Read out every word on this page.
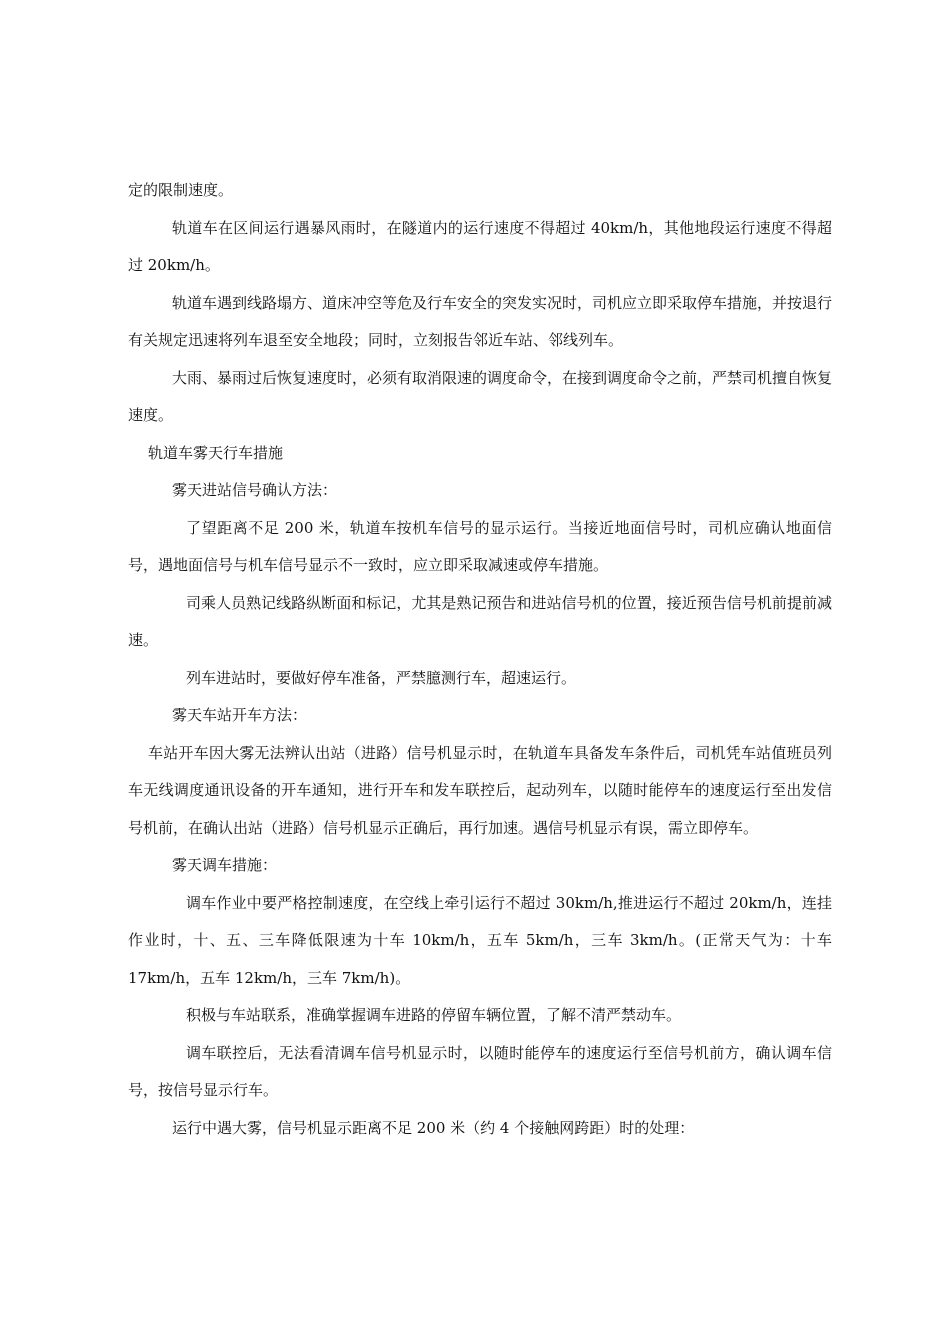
定的限制速度。

轨道车在区间运行遇暴风雨时，在隧道内的运行速度不得超过 40km/h，其他地段运行速度不得超过 20km/h。

轨道车遇到线路塌方、道床冲空等危及行车安全的突发实况时，司机应立即采取停车措施，并按退行有关规定迅速将列车退至安全地段；同时，立刻报告邻近车站、邻线列车。

大雨、暴雨过后恢复速度时，必须有取消限速的调度命令，在接到调度命令之前，严禁司机擅自恢复速度。

轨道车雾天行车措施

雾天进站信号确认方法：

了望距离不足 200 米，轨道车按机车信号的显示运行。当接近地面信号时，司机应确认地面信号，遇地面信号与机车信号显示不一致时，应立即采取减速或停车措施。

司乘人员熟记线路纵断面和标记，尤其是熟记预告和进站信号机的位置，接近预告信号机前提前减速。

列车进站时，要做好停车准备，严禁臆测行车，超速运行。

雾天车站开车方法：

车站开车因大雾无法辨认出站（进路）信号机显示时，在轨道车具备发车条件后，司机凭车站值班员列车无线调度通讯设备的开车通知，进行开车和发车联控后，起动列车，以随时能停车的速度运行至出发信号机前，在确认出站（进路）信号机显示正确后，再行加速。遇信号机显示有误，需立即停车。

雾天调车措施：

调车作业中要严格控制速度，在空线上牵引运行不超过 30km/h,推进运行不超过 20km/h，连挂作业时，十、五、三车降低限速为十车 10km/h，五车 5km/h，三车 3km/h。(正常天气为：十车 17km/h，五车 12km/h，三车 7km/h)。

积极与车站联系，准确掌握调车进路的停留车辆位置，了解不清严禁动车。

调车联控后，无法看清调车信号机显示时，以随时能停车的速度运行至信号机前方，确认调车信号，按信号显示行车。

运行中遇大雾，信号机显示距离不足 200 米（约 4 个接触网跨距）时的处理：
